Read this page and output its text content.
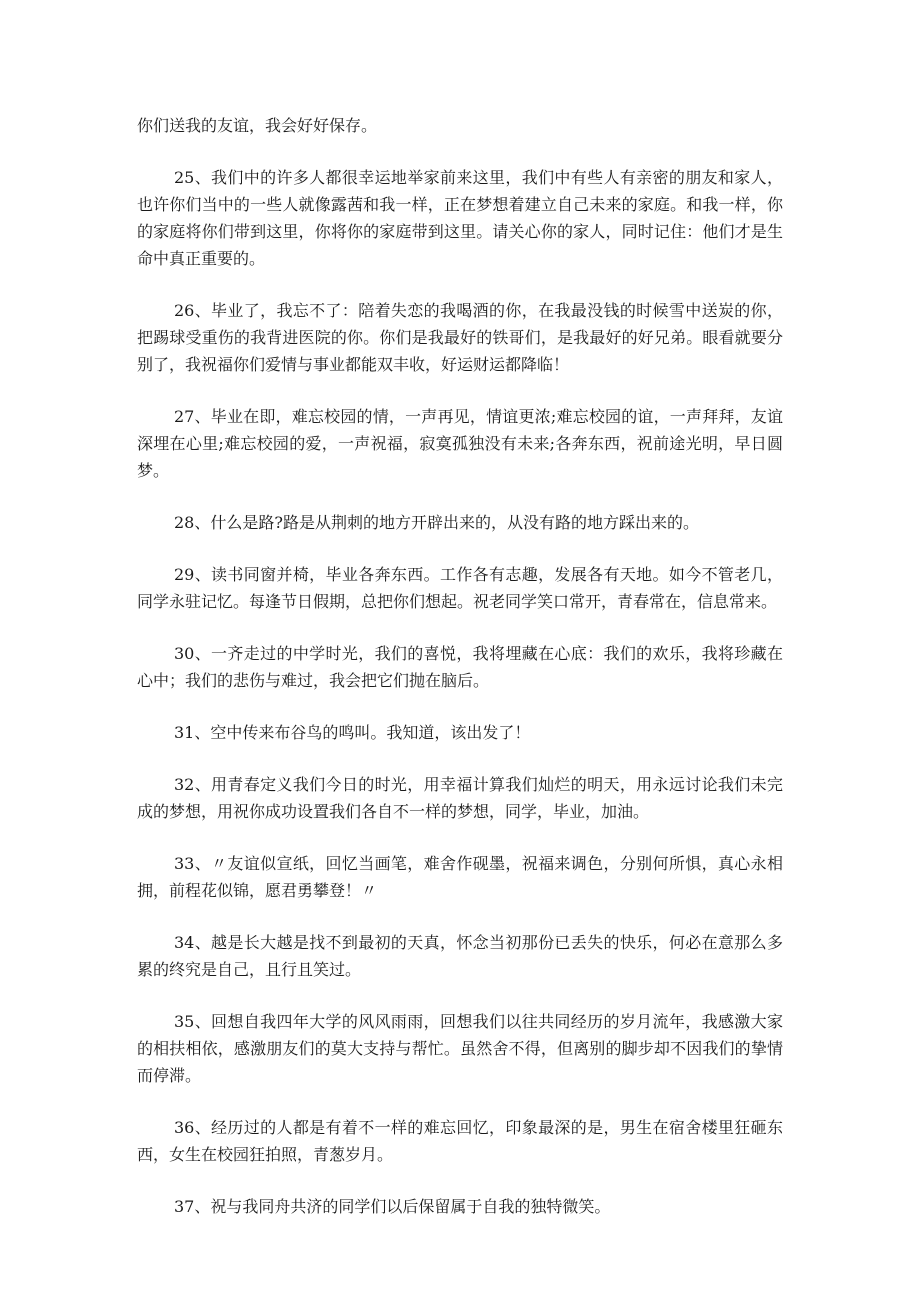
你们送我的友谊，我会好好保存。

25、我们中的许多人都很幸运地举家前来这里，我们中有些人有亲密的朋友和家人，也许你们当中的一些人就像露茜和我一样，正在梦想着建立自己未来的家庭。和我一样，你的家庭将你们带到这里，你将你的家庭带到这里。请关心你的家人，同时记住：他们才是生命中真正重要的。

26、毕业了，我忘不了：陪着失恋的我喝酒的你，在我最没钱的时候雪中送炭的你，把踢球受重伤的我背进医院的你。你们是我最好的铁哥们，是我最好的好兄弟。眼看就要分别了，我祝福你们爱情与事业都能双丰收，好运财运都降临！

27、毕业在即，难忘校园的情，一声再见，情谊更浓;难忘校园的谊，一声拜拜，友谊深埋在心里;难忘校园的爱，一声祝福，寂寞孤独没有未来;各奔东西，祝前途光明，早日圆梦。

28、什么是路?路是从荆刺的地方开辟出来的，从没有路的地方踩出来的。

29、读书同窗并椅，毕业各奔东西。工作各有志趣，发展各有天地。如今不管老几，同学永驻记忆。每逢节日假期，总把你们想起。祝老同学笑口常开，青春常在，信息常来。

30、一齐走过的中学时光，我们的喜悦，我将埋藏在心底：我们的欢乐，我将珍藏在心中；我们的悲伤与难过，我会把它们抛在脑后。

31、空中传来布谷鸟的鸣叫。我知道，该出发了！

32、用青春定义我们今日的时光，用幸福计算我们灿烂的明天，用永远讨论我们未完成的梦想，用祝你成功设置我们各自不一样的梦想，同学，毕业，加油。

33、〃友谊似宣纸，回忆当画笔，难舍作砚墨，祝福来调色，分别何所惧，真心永相拥，前程花似锦，愿君勇攀登！〃

34、越是长大越是找不到最初的天真，怀念当初那份已丢失的快乐，何必在意那么多累的终究是自己，且行且笑过。

35、回想自我四年大学的风风雨雨，回想我们以往共同经历的岁月流年，我感激大家的相扶相依，感激朋友们的莫大支持与帮忙。虽然舍不得，但离别的脚步却不因我们的挚情而停滞。

36、经历过的人都是有着不一样的难忘回忆，印象最深的是，男生在宿舍楼里狂砸东西，女生在校园狂拍照，青葱岁月。

37、祝与我同舟共济的同学们以后保留属于自我的独特微笑。
